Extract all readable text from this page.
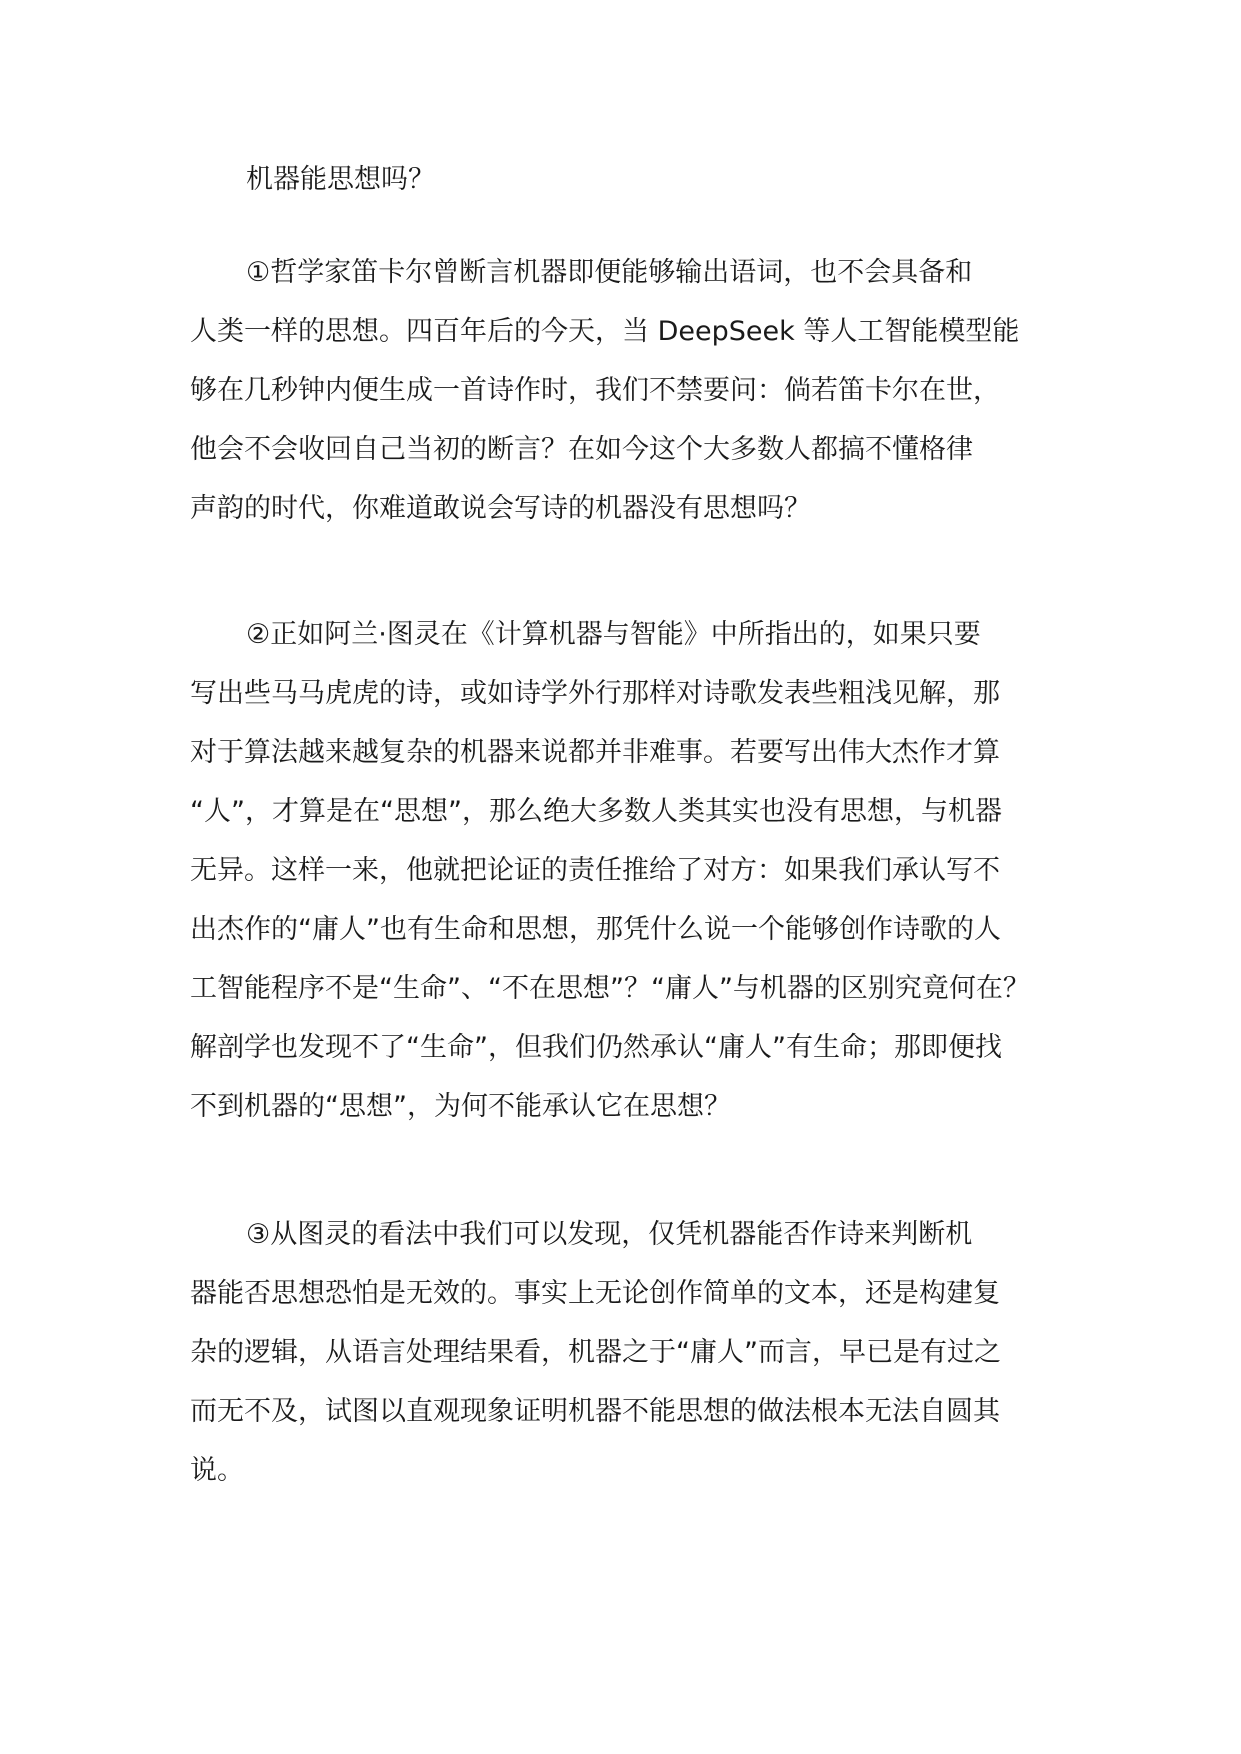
机器能思想吗？
①哲学家笛卡尔曾断言机器即便能够输出语词，也不会具备和
人类一样的思想。四百年后的今天，当 DeepSeek 等人工智能模型能
够在几秒钟内便生成一首诗作时，我们不禁要问：倘若笛卡尔在世，
他会不会收回自己当初的断言？在如今这个大多数人都搞不懂格律
声韵的时代，你难道敢说会写诗的机器没有思想吗？
②正如阿兰·图灵在《计算机器与智能》中所指出的，如果只要
写出些马马虎虎的诗，或如诗学外行那样对诗歌发表些粗浅见解，那
对于算法越来越复杂的机器来说都并非难事。若要写出伟大杰作才算
“人”，才算是在“思想”，那么绝大多数人类其实也没有思想，与机器
无异。这样一来，他就把论证的责任推给了对方：如果我们承认写不
出杰作的“庸人”也有生命和思想，那凭什么说一个能够创作诗歌的人
工智能程序不是“生命”、“不在思想”？“庸人”与机器的区别究竟何在？
解剖学也发现不了“生命”，但我们仍然承认“庸人”有生命；那即便找
不到机器的“思想”，为何不能承认它在思想？
③从图灵的看法中我们可以发现，仅凭机器能否作诗来判断机
器能否思想恐怕是无效的。事实上无论创作简单的文本，还是构建复
杂的逻辑，从语言处理结果看，机器之于“庸人”而言，早已是有过之
而无不及，试图以直观现象证明机器不能思想的做法根本无法自圆其
说。
